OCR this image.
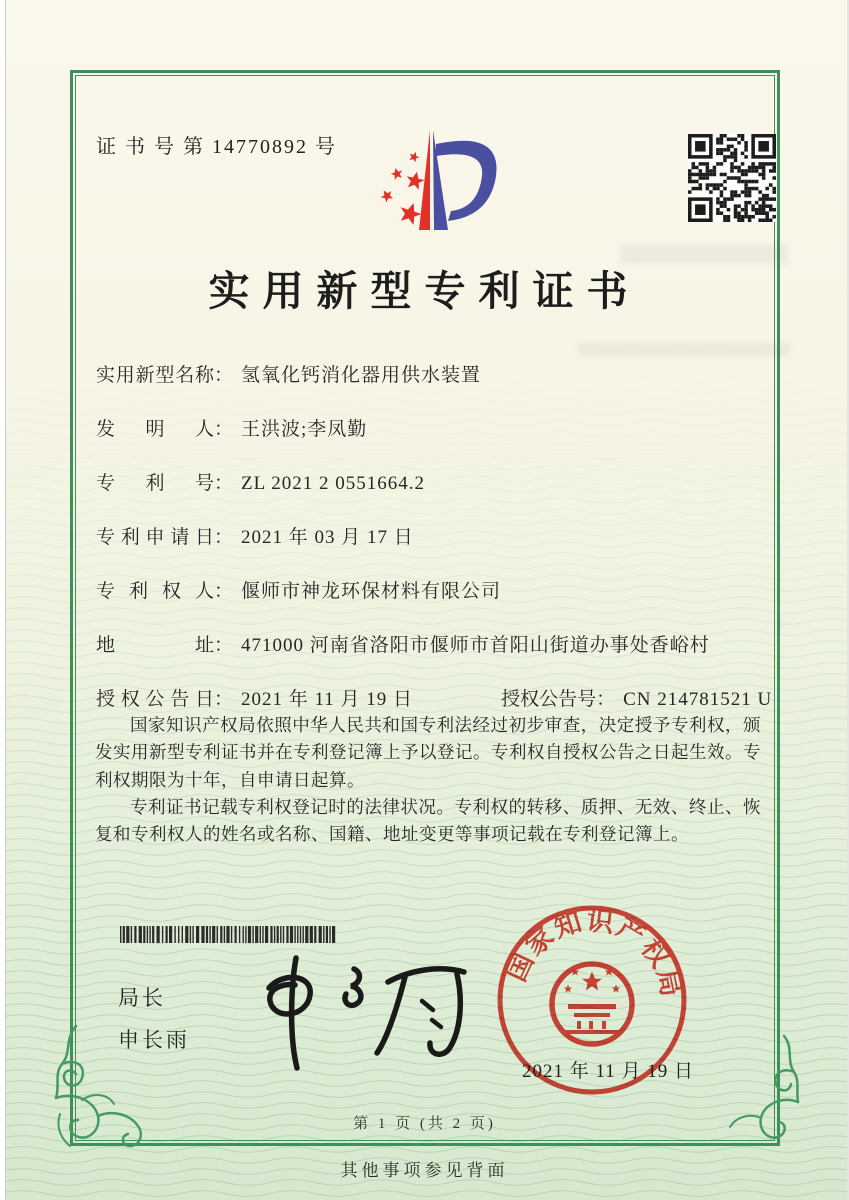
证 书 号 第 14770892 号
实用新型专利证书
实用新型名称： 氢氧化钙消化器用供水装置
发明人： 王洪波;李凤勤
专利号： ZL 2021 2 0551664.2
专利申请日： 2021 年 03 月 17 日
专利权人： 偃师市神龙环保材料有限公司
地址： 471000 河南省洛阳市偃师市首阳山街道办事处香峪村
授权公告日： 2021 年 11 月 19 日	授权公告号： CN 214781521 U

国家知识产权局依照中华人民共和国专利法经过初步审查，决定授予专利权，颁发实用新型专利证书并在专利登记簿上予以登记。专利权自授权公告之日起生效。专利权期限为十年，自申请日起算。

专利证书记载专利权登记时的法律状况。专利权的转移、质押、无效、终止、恢复和专利权人的姓名或名称、国籍、地址变更等事项记载在专利登记簿上。

局长
申长雨
国家知识产权局
2021 年 11 月 19 日
第 1 页 (共 2 页)
其他事项参见背面
